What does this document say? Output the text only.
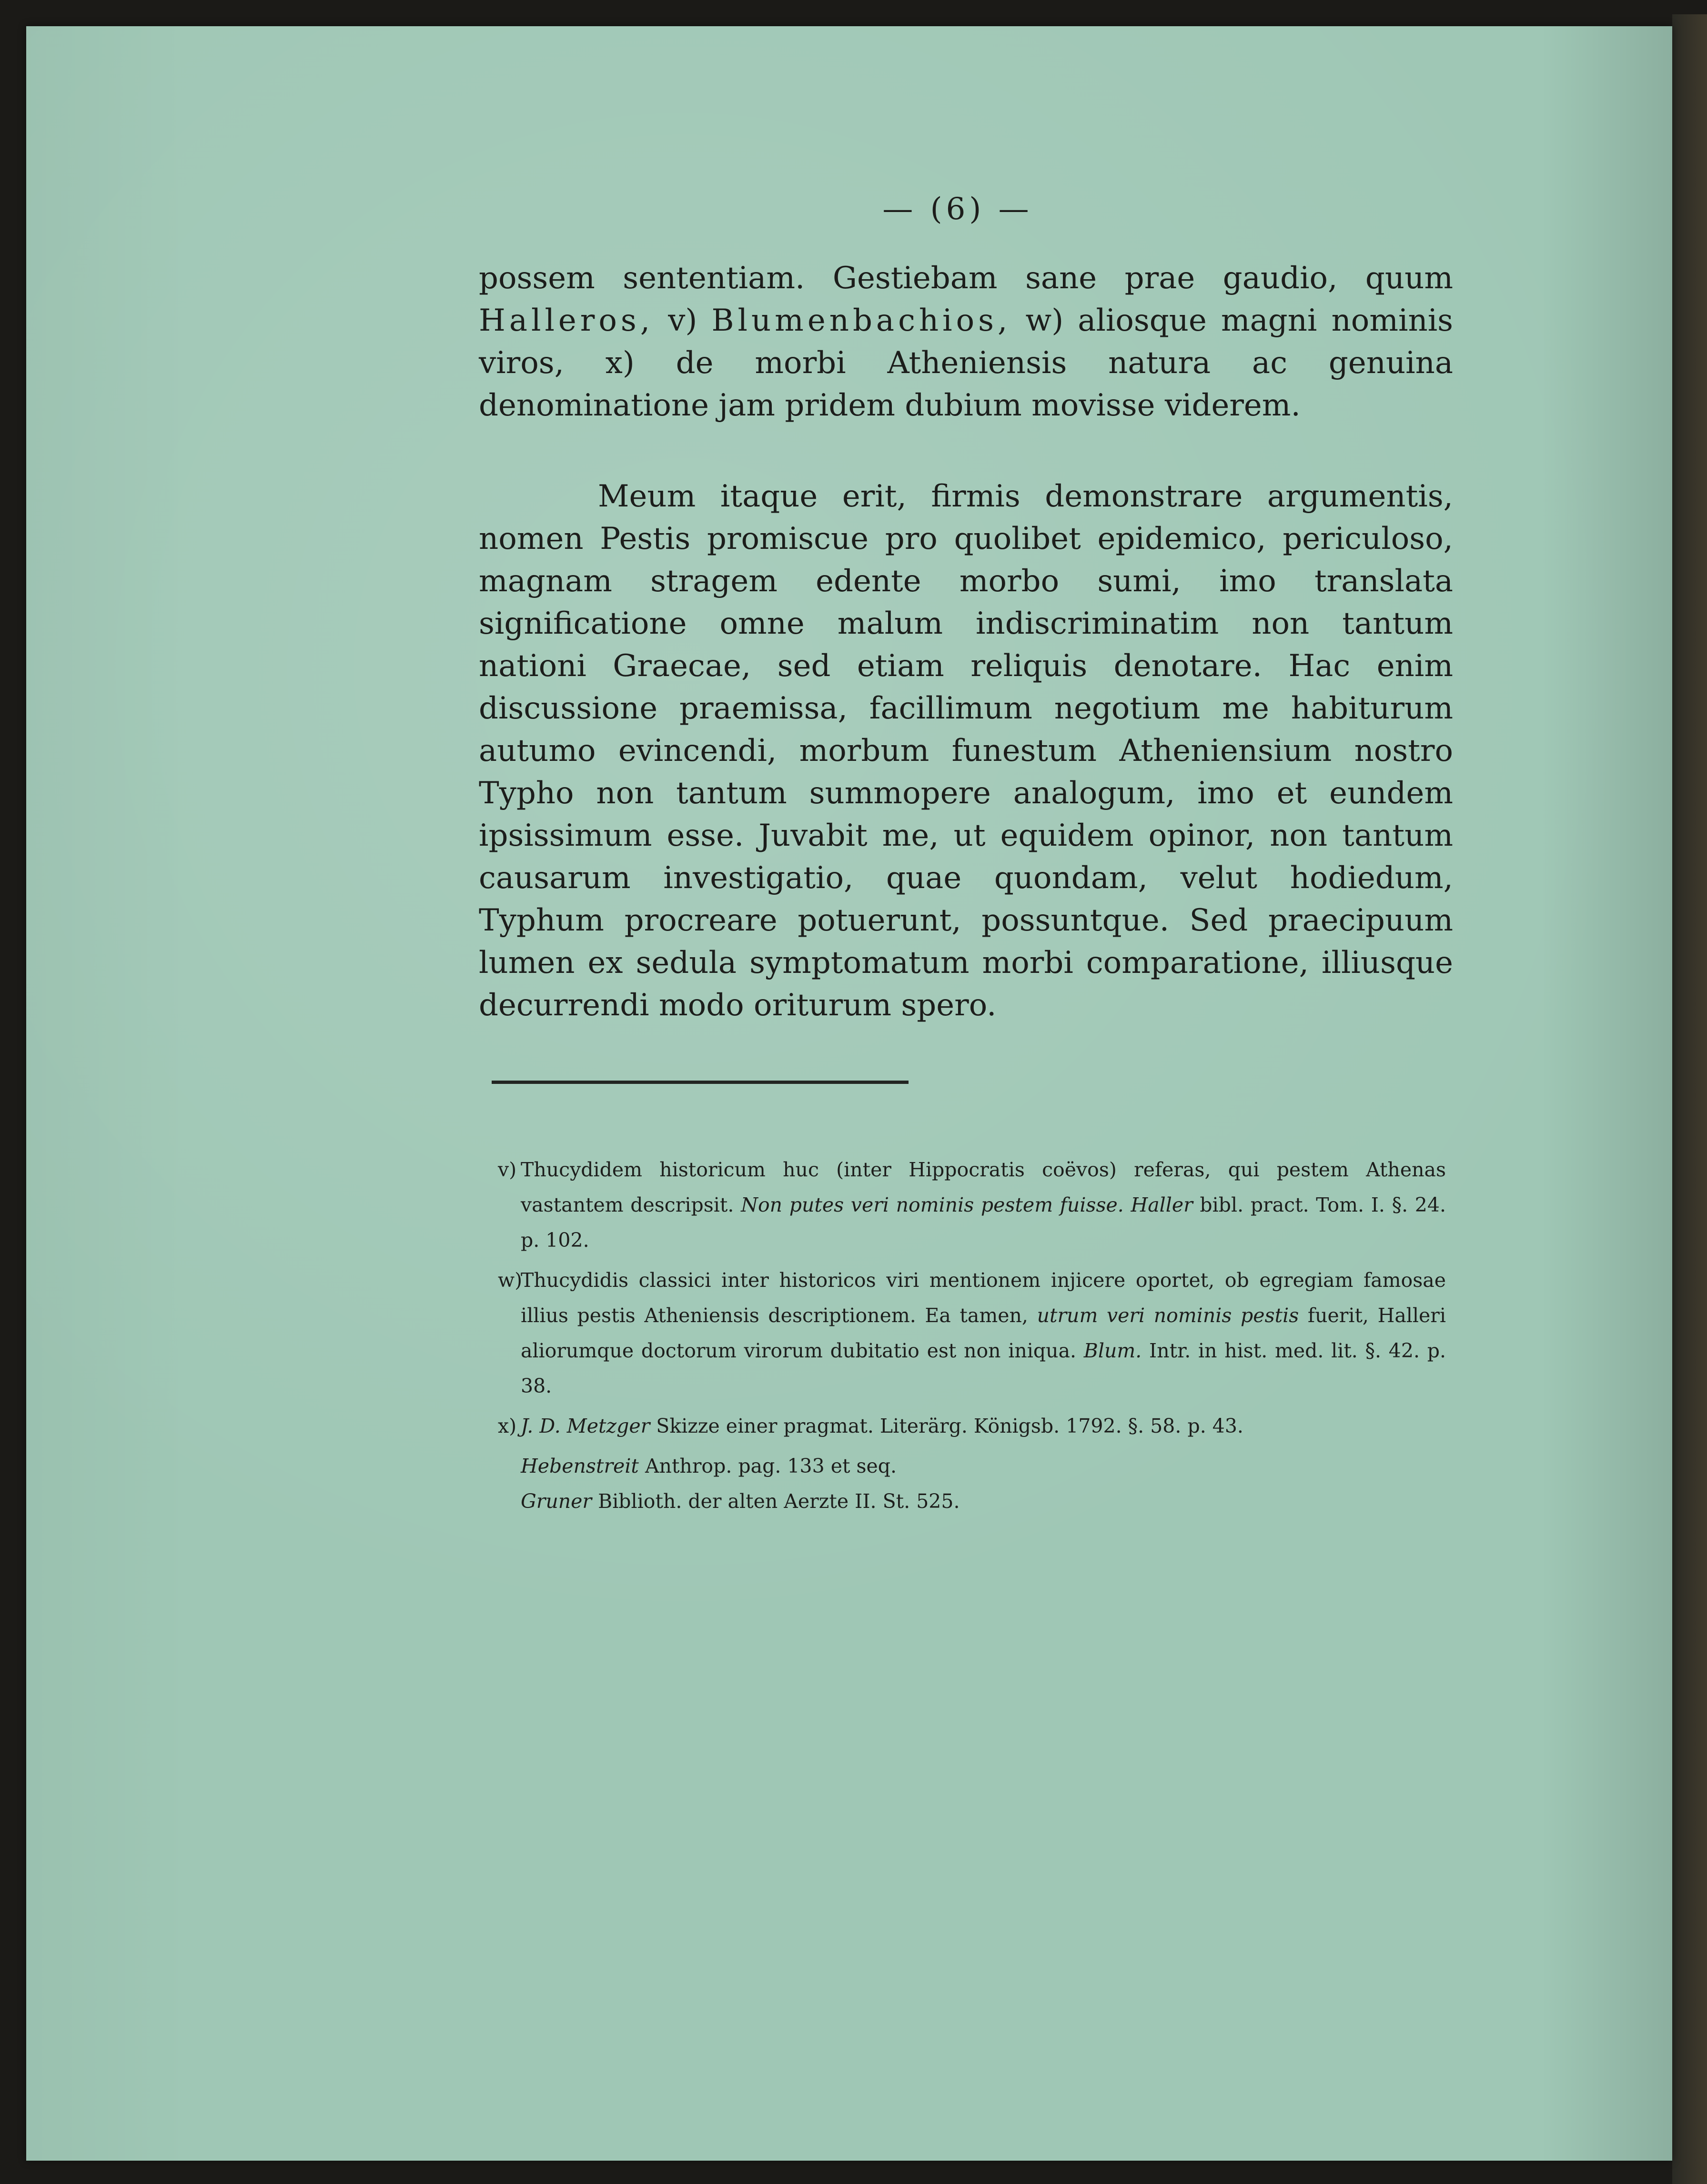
— (6) —

possem sententiam. Gestiebam sane prae gaudio, quum Halleros, v) Blumenbachios, w) aliosque magni nominis viros, x) de morbi Atheniensis natura ac genuina denominatione jam pridem dubium movisse viderem.

Meum itaque erit, firmis demonstrare argumentis, nomen Pestis promiscue pro quolibet epidemico, periculoso, magnam stragem edente morbo sumi, imo translata significatione omne malum indiscriminatim non tantum nationi Graecae, sed etiam reliquis denotare. Hac enim discussione praemissa, facillimum negotium me habiturum autumo evincendi, morbum funestum Atheniensium nostro Typho non tantum summopere analogum, imo et eundem ipsissimum esse. Juvabit me, ut equidem opinor, non tantum causarum investigatio, quae quondam, velut hodiedum, Typhum procreare potuerunt, possuntque. Sed praecipuum lumen ex sedula symptomatum morbi comparatione, illiusque decurrendi modo oriturum spero.

v) Thucydidem historicum huc (inter Hippocratis coëvos) referas, qui pestem Athenas vastantem descripsit. Non putes veri nominis pestem fuisse. Haller bibl. pract. Tom. I. §. 24. p. 102.
w)
Thucydidis classici inter historicos viri mentionem injicere oportet, ob egregiam famosae illius pestis Atheniensis descriptionem. Ea tamen, utrum veri nominis pestis fuerit, Halleri aliorumque doctorum virorum dubitatio est non iniqua. Blum. Intr. in hist. med. lit. §. 42. p. 38.
x) J. D. Metzger Skizze einer pragmat. Literärg. Königsb. 1792. §. 58. p. 43.
Hebenstreit Anthrop. pag. 133 et seq.
Gruner Biblioth. der alten Aerzte II. St. 525.
